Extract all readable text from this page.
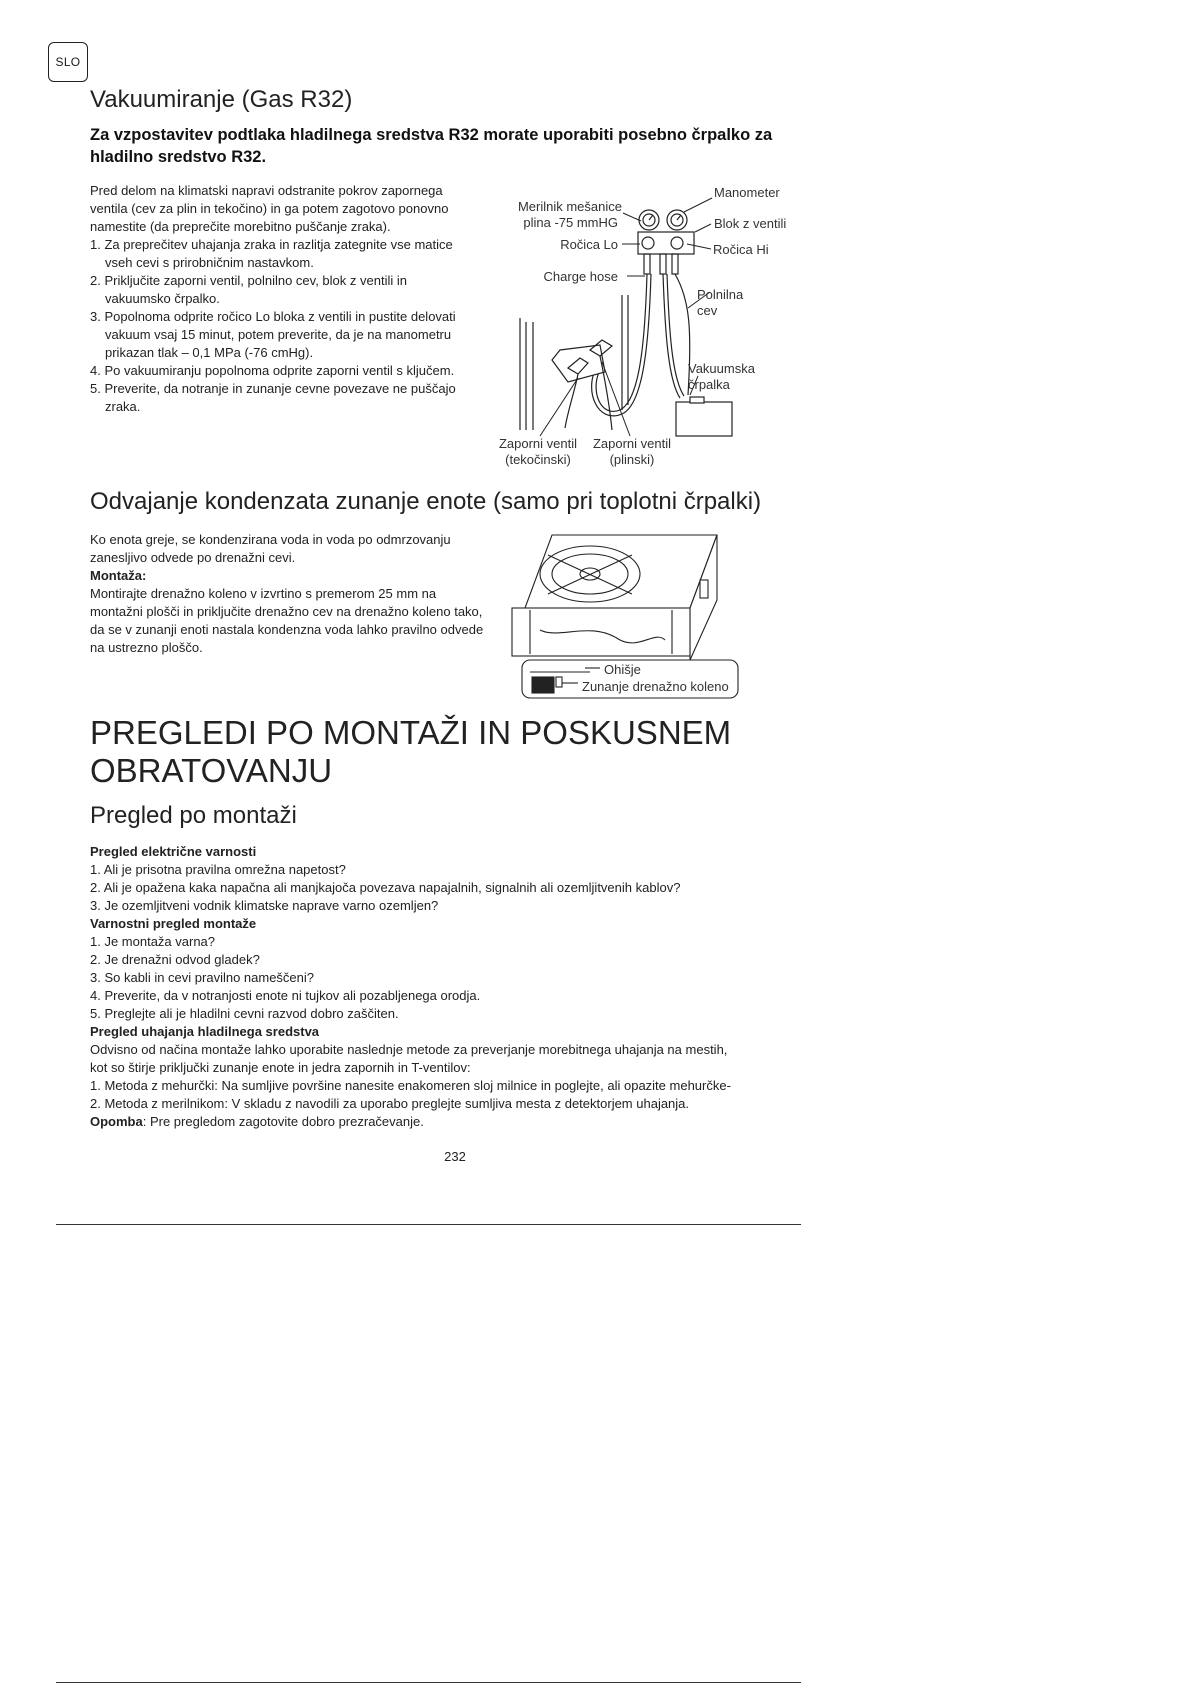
SLO
Vakuumiranje (Gas R32)

Za vzpostavitev podtlaka hladilnega sredstva R32 morate uporabiti posebno črpalko za hladilno sredstvo R32.

Pred delom na klimatski napravi odstranite pokrov zapornega ventila (cev za plin in tekočino) in ga potem zagotovo ponovno namestite (da preprečite morebitno puščanje zraka).

1. Za preprečitev uhajanja zraka in razlitja zategnite vse matice vseh cevi s prirobničnim nastavkom.
2. Priključite zaporni ventil, polnilno cev, blok z ventili in vakuumsko črpalko.
3. Popolnoma odprite ročico Lo bloka z ventili in pustite delovati vakuum vsaj 15 minut, potem preverite, da je na manometru prikazan tlak – 0,1 MPa (-76 cmHg).
4. Po vakuumiranju popolnoma odprite zaporni ventil s ključem.
5. Preverite, da notranje in zunanje cevne povezave ne puščajo zraka.
Manometer
Merilnik mešanice
plina -75 mmHG	Blok z ventili
Ročica Lo	Ročica Hi
Charge hose
Polnilna
cev
Vakuumska
črpalka
Zaporni ventil
(tekočinski)
Zaporni ventil
(plinski)
Odvajanje kondenzata zunanje enote (samo pri toplotni črpalki)

Ko enota greje, se kondenzirana voda in voda po odmrzovanju zanesljivo odvede po drenažni cevi.

Montaža:

Montirajte drenažno koleno v izvrtino s premerom 25 mm na montažni plošči in priključite drenažno cev na drenažno koleno tako, da se v zunanji enoti nastala kondenzna voda lahko pravilno odvede na ustrezno ploščo.

Ohišje
Zunanje drenažno koleno
PREGLEDI PO MONTAŽI IN POSKUSNEM OBRATOVANJU
Pregled po montaži

Pregled električne varnosti

1. Ali je prisotna pravilna omrežna napetost?

2. Ali je opažena kaka napačna ali manjkajoča povezava napajalnih, signalnih ali ozemljitvenih kablov?

3. Je ozemljitveni vodnik klimatske naprave varno ozemljen?

Varnostni pregled montaže

1. Je montaža varna?

2. Je drenažni odvod gladek?

3. So kabli in cevi pravilno nameščeni?

4. Preverite, da v notranjosti enote ni tujkov ali pozabljenega orodja.

5. Preglejte ali je hladilni cevni razvod dobro zaščiten.

Pregled uhajanja hladilnega sredstva

Odvisno od načina montaže lahko uporabite naslednje metode za preverjanje morebitnega uhajanja na mestih,

kot so štirje priključki zunanje enote in jedra zapornih in T-ventilov:

1. Metoda z mehurčki: Na sumljive površine nanesite enakomeren sloj milnice in poglejte, ali opazite mehurčke-

2. Metoda z merilnikom: V skladu z navodili za uporabo preglejte sumljiva mesta z detektorjem uhajanja.

Opomba: Pre pregledom zagotovite dobro prezračevanje.

232
